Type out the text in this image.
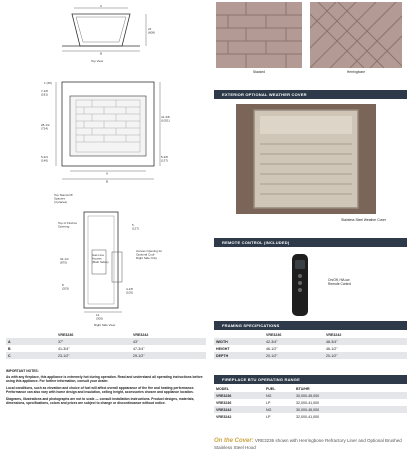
C
B
24 (608)
Top View
1 (25)
7-1/8 (181)
28-1/2 (724)
5-3/4 (146)
41-3/8 (1051)
5-3/8 (137)
A
B
Top Stand-Off Spacers (4 places)
Top of Firebox Opening
Gas Line Access (Both Sides)
Access Opening for Optional Cool-Right Side Only
5 (127)
34-1/4 (870)
8 (203)	4-1/8 (105)
12 (305)
Right Side View
	VRE3236	VRE3242
A	37"	43"
B	41-3/4"	47-3/4"
C	23-1/2"	29-1/2"
IMPORTANT NOTES:
As with any fireplace, this appliance is extremely hot during operation. Read and understand all operating instructions before using this appliance. For further information, consult your dealer.
Local conditions, such as elevation and choice of fuel will affect overall appearance of the fire and heating performance. Performance can also vary with home design and insulation, ceiling height, accessories chosen and appliance location.
Diagrams, illustrations and photographs are not to scale — consult installation instructions. Product designs, materials, dimensions, specifications, colors and prices are subject to change or discontinuance without notice.
Stacked	Herringbone
EXTERIOR OPTIONAL WEATHER COVER
Stainless Steel Weather Cover
REMOTE CONTROL (INCLUDED)
On/Off, Hi/Low
Remote Control
FRAMING SPECIFICATIONS
	VRE3236	VRE3242
WIDTH	42-3/4"	48-3/4"
HEIGHT	46-1/2"	46-1/2"
DEPTH	20-1/2"	20-1/2"
FIREPLACE BTU OPERATING RANGE
MODEL	FUEL	BTU/HR
VRE3236	NG	30,000-45,000
VRE3236	LP	32,000-41,000
VRE3242	NG	30,000-45,000
VRE3242	LP	32,000-41,000
On the Cover: VRE3236 shown with Herringbone Refractory Liner and Optional Brushed Stainless Steel Hood
